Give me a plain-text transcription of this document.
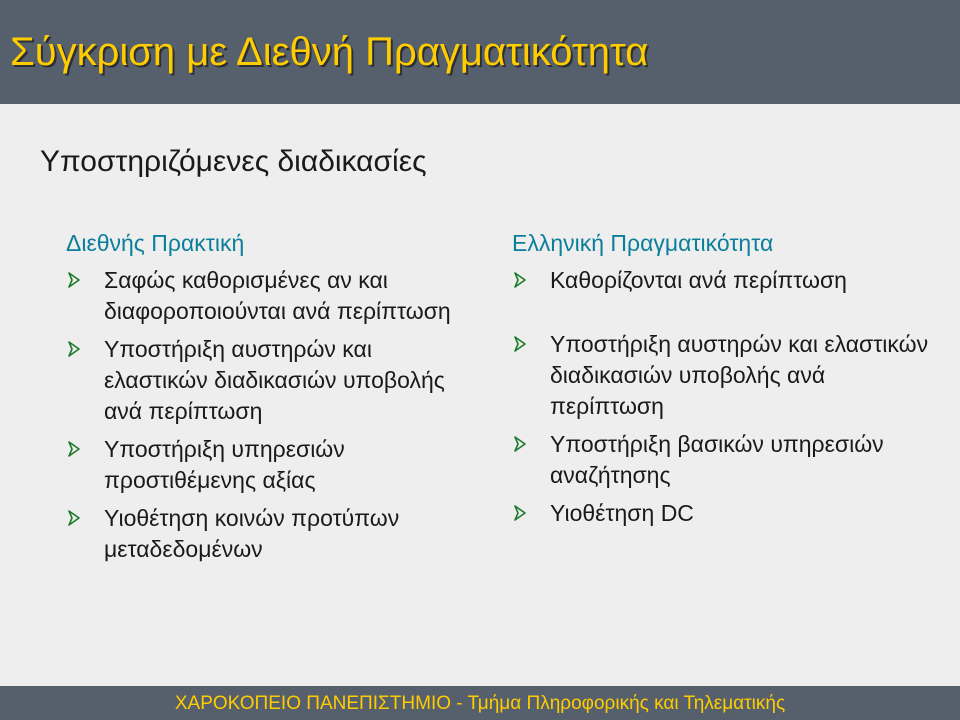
Σύγκριση με Διεθνή Πραγματικότητα
Υποστηριζόμενες διαδικασίες
Διεθνής Πρακτική
Σαφώς καθορισμένες αν και διαφοροποιούνται ανά περίπτωση
Υποστήριξη αυστηρών και ελαστικών διαδικασιών υποβολής ανά περίπτωση
Υποστήριξη υπηρεσιών προστιθέμενης αξίας
Υιοθέτηση κοινών προτύπων μεταδεδομένων
Ελληνική Πραγματικότητα
Καθορίζονται ανά περίπτωση
Υποστήριξη αυστηρών και ελαστικών διαδικασιών υποβολής ανά περίπτωση
Υποστήριξη βασικών υπηρεσιών αναζήτησης
Υιοθέτηση DC
ΧΑΡΟΚΟΠΕΙΟ ΠΑΝΕΠΙΣΤΗΜΙΟ - Τμήμα Πληροφορικής και Τηλεματικής
